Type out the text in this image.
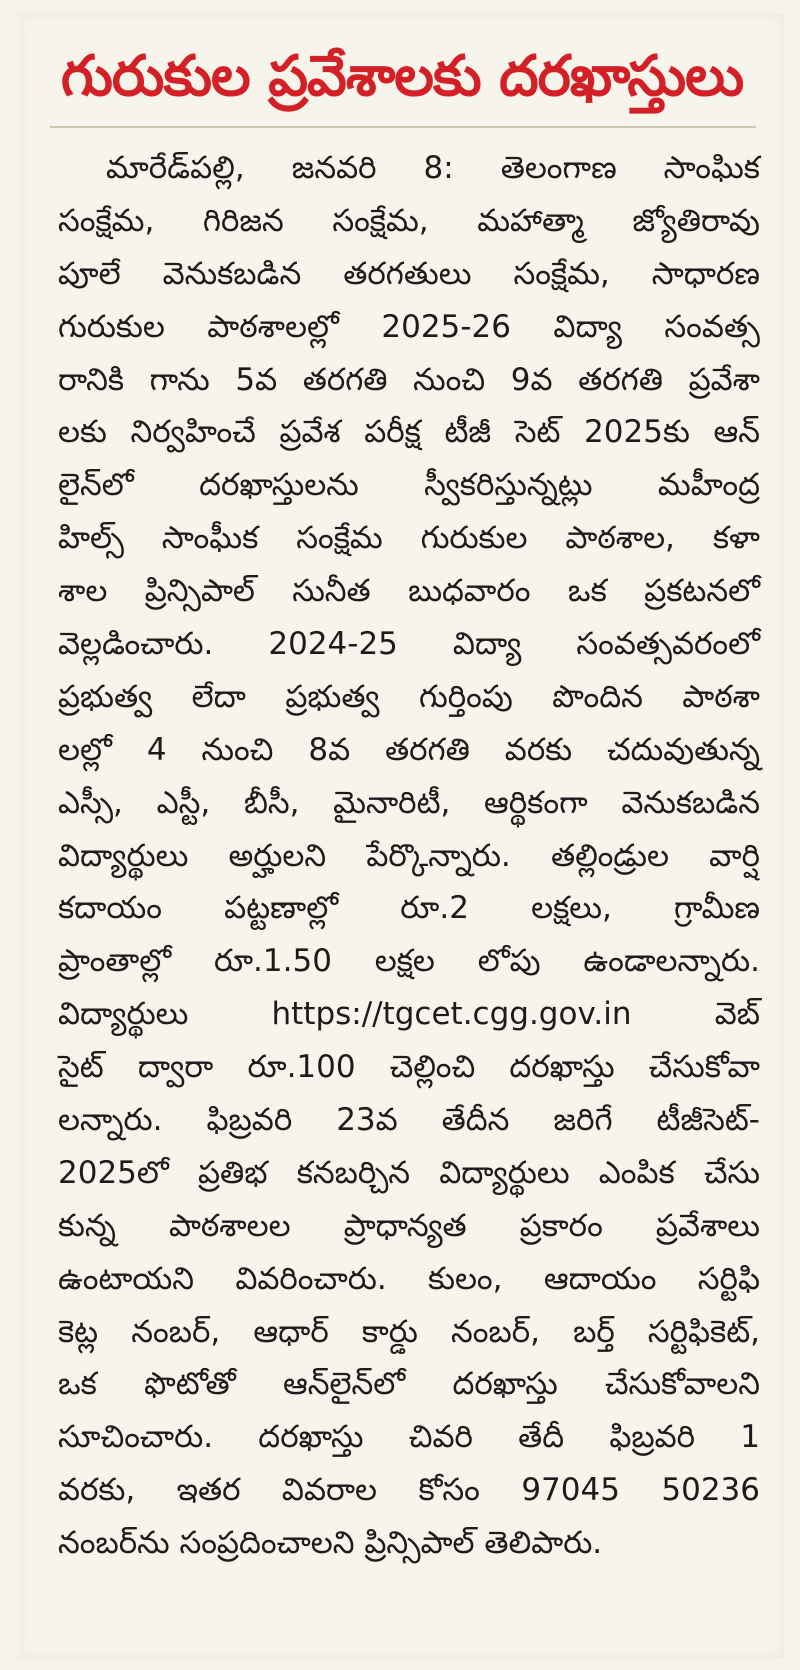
గురుకుల ప్రవేశాలకు దరఖాస్తులు
మారేడ్‌పల్లి, జనవరి 8: తెలంగాణ సాంఘిక
సంక్షేమ, గిరిజన సంక్షేమ, మహాత్మా జ్యోతిరావు
పూలే వెనుకబడిన తరగతులు సంక్షేమ, సాధారణ
గురుకుల పాఠశాలల్లో 2025-26 విద్యా సంవత్స
రానికి గాను 5వ తరగతి నుంచి 9వ తరగతి ప్రవేశా
లకు నిర్వహించే ప్రవేశ పరీక్ష టీజీ సెట్ 2025కు ఆన్
లైన్‌లో దరఖాస్తులను స్వీకరిస్తున్నట్లు మహీంద్ర
హిల్స్ సాంఘీక సంక్షేమ గురుకుల పాఠశాల, కళా
శాల ప్రిన్సిపాల్ సునీత బుధవారం ఒక ప్రకటనలో
వెల్లడించారు. 2024-25 విద్యా సంవత్సవరంలో
ప్రభుత్వ లేదా ప్రభుత్వ గుర్తింపు పొందిన పాఠశా
లల్లో 4 నుంచి 8వ తరగతి వరకు చదువుతున్న
ఎస్సీ, ఎస్టీ, బీసీ, మైనారిటీ, ఆర్థికంగా వెనుకబడిన
విద్యార్థులు అర్హులని పేర్కొన్నారు. తల్లిండ్రుల వార్షి
కదాయం పట్టణాల్లో రూ.2 లక్షలు, గ్రామీణ
ప్రాంతాల్లో రూ.1.50 లక్షల లోపు ఉండాలన్నారు.
విద్యార్థులు https://tgcet.cgg.gov.in వెబ్
సైట్ ద్వారా రూ.100 చెల్లించి దరఖాస్తు చేసుకోవా
లన్నారు. ఫిబ్రవరి 23వ తేదీన జరిగే టీజీసెట్-
2025లో ప్రతిభ కనబర్చిన విద్యార్థులు ఎంపిక చేసు
కున్న పాఠశాలల ప్రాధాన్యత ప్రకారం ప్రవేశాలు
ఉంటాయని వివరించారు. కులం, ఆదాయం సర్టిఫి
కెట్ల నంబర్, ఆధార్ కార్డు నంబర్, బర్త్ సర్టిఫికెట్,
ఒక ఫొటోతో ఆన్‌లైన్‌లో దరఖాస్తు చేసుకోవాలని
సూచించారు. దరఖాస్తు చివరి తేదీ ఫిబ్రవరి 1
వరకు, ఇతర వివరాల కోసం 97045 50236
నంబర్‌ను సంప్రదించాలని ప్రిన్సిపాల్ తెలిపారు.
